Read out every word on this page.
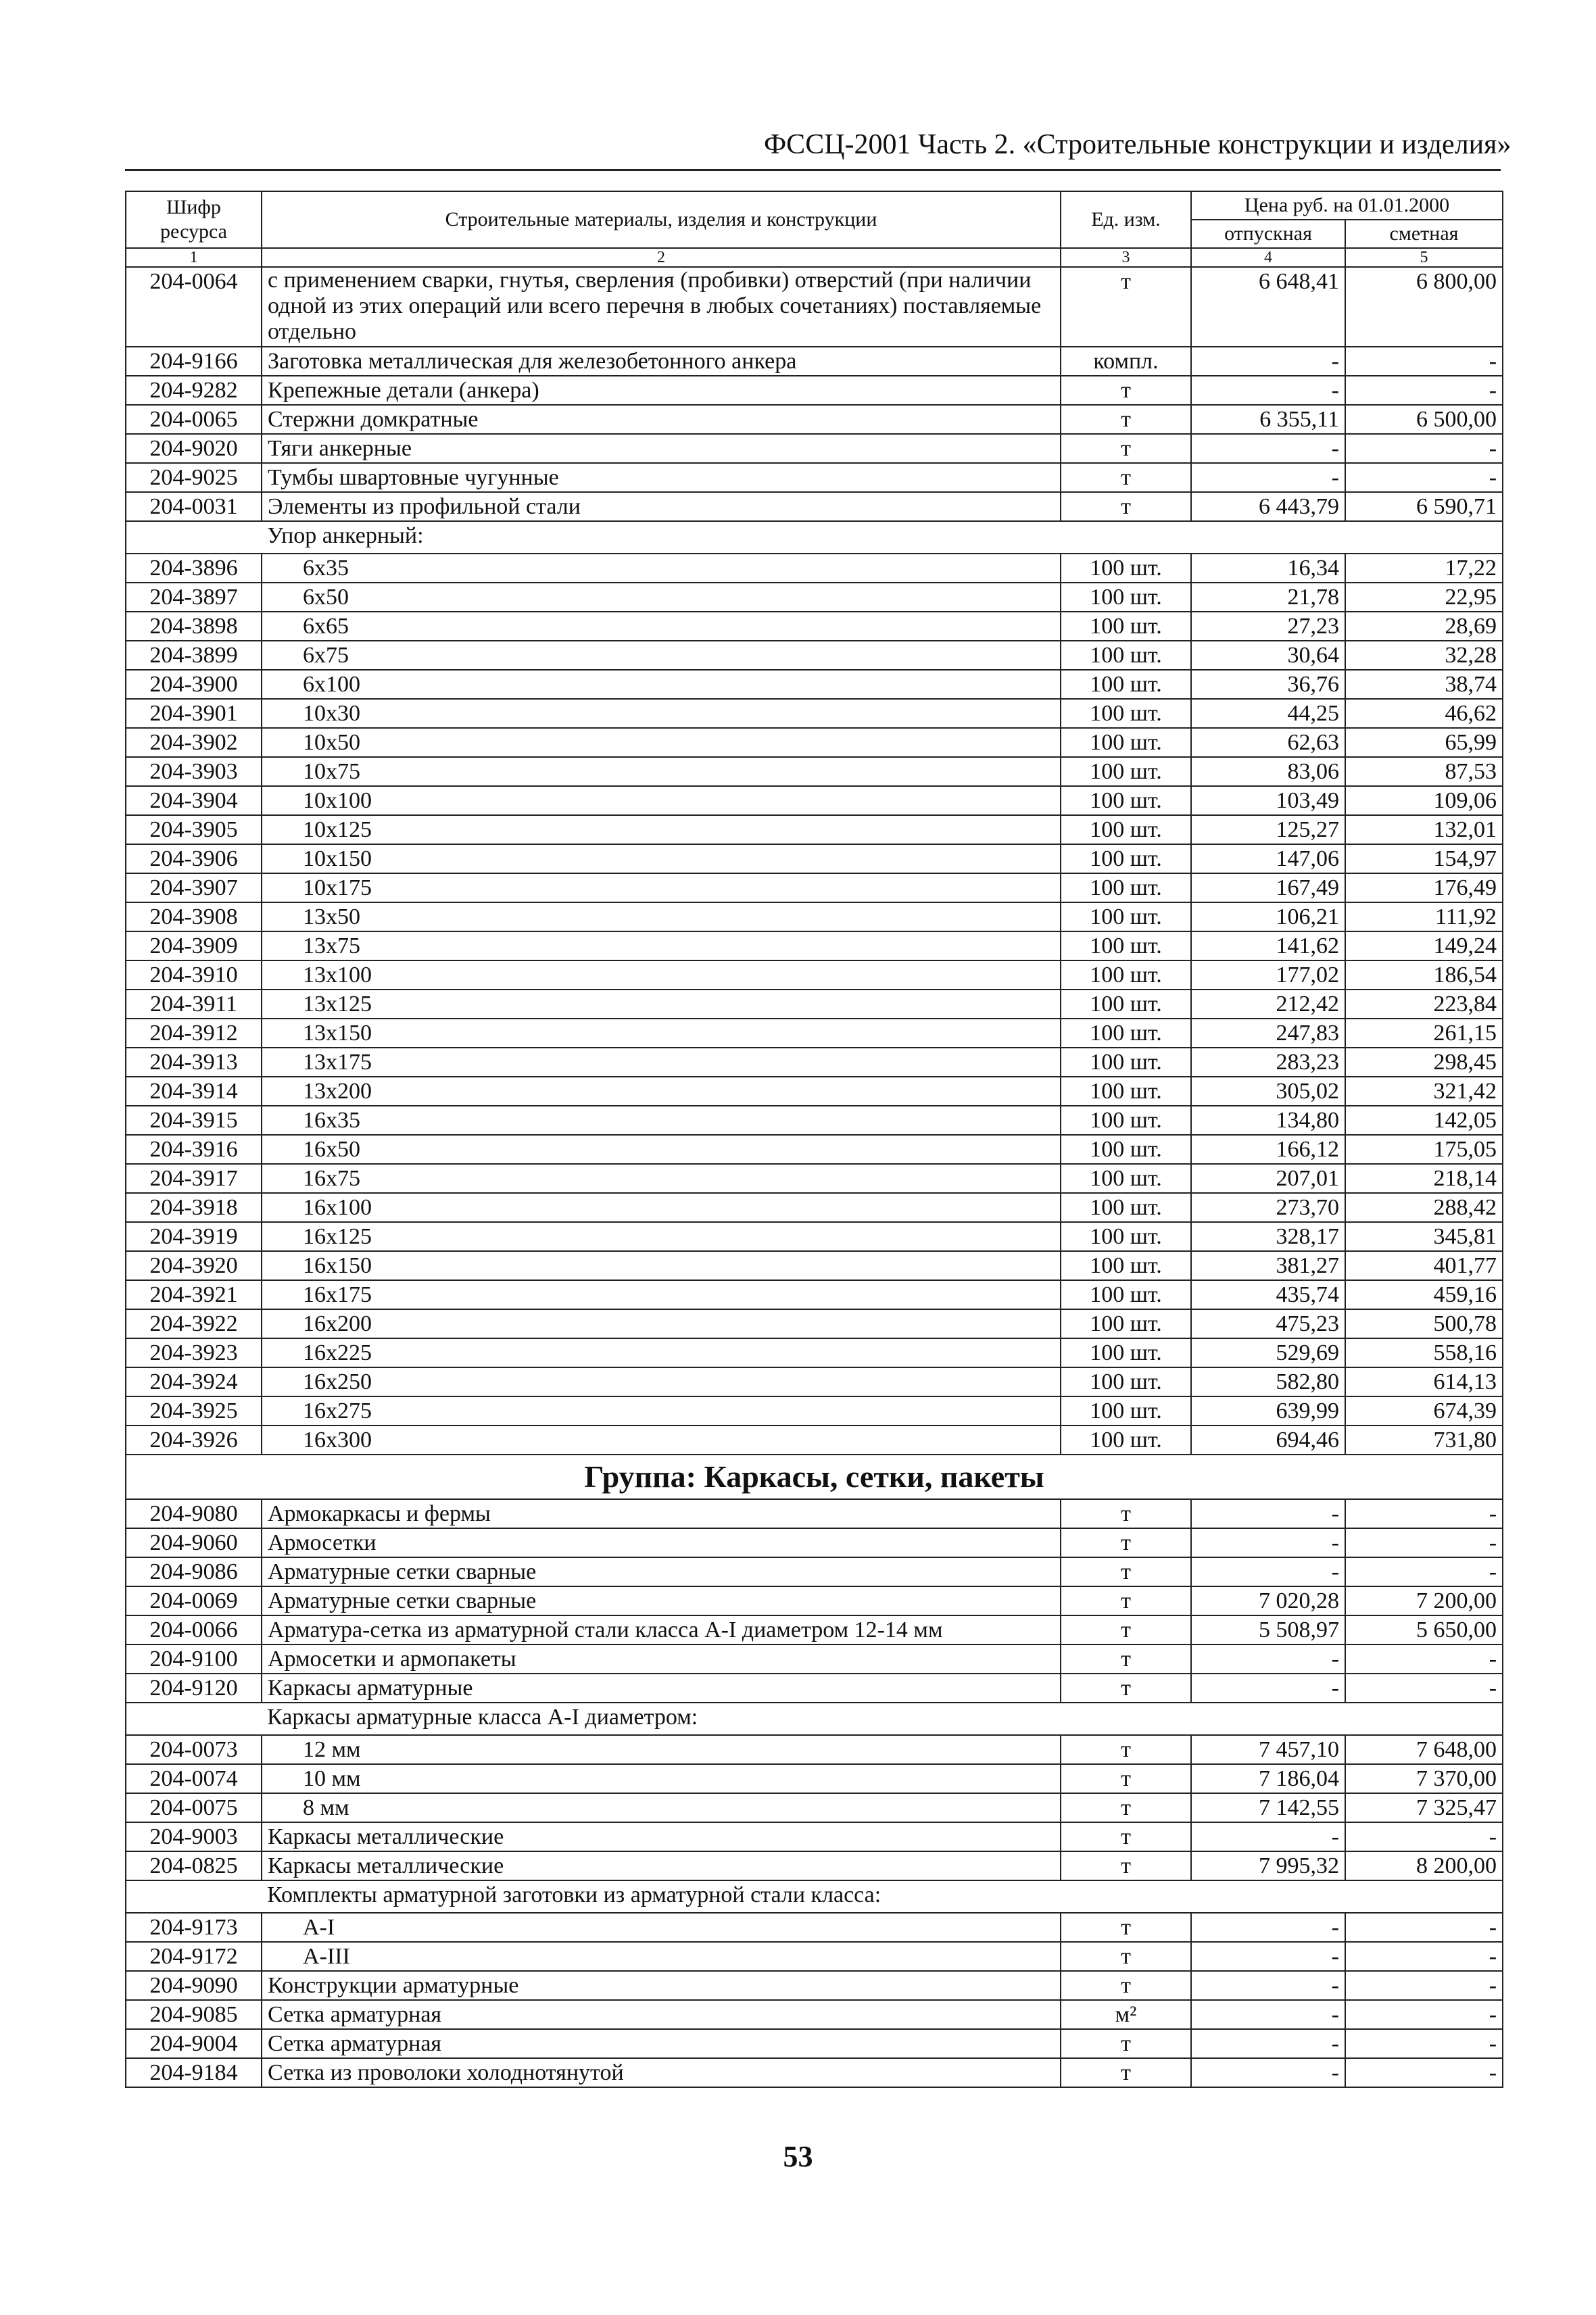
ФССЦ-2001 Часть 2. «Строительные конструкции и изделия»
Шифр ресурса	Строительные материалы, изделия и конструкции	Ед. изм.	Цена руб. на 01.01.2000	
			отпускная	сметная
1	2	3	4	5
204-0064	с применением сварки, гнутья, сверления (пробивки) отверстий (при наличии одной из этих операций или всего перечня в любых сочетаниях) поставляемые отдельно	т	6 648,41	6 800,00
204-9166	Заготовка металлическая для железобетонного анкера	компл.	-	-
204-9282	Крепежные детали (анкера)	т	-	-
204-0065	Стержни домкратные	т	6 355,11	6 500,00
204-9020	Тяги анкерные	т	-	-
204-9025	Тумбы швартовные чугунные	т	-	-
204-0031	Элементы из профильной стали	т	6 443,79	6 590,71
	Упор анкерный:			
204-3896	6x35	100 шт.	16,34	17,22
204-3897	6x50	100 шт.	21,78	22,95
204-3898	6x65	100 шт.	27,23	28,69
204-3899	6x75	100 шт.	30,64	32,28
204-3900	6x100	100 шт.	36,76	38,74
204-3901	10x30	100 шт.	44,25	46,62
204-3902	10x50	100 шт.	62,63	65,99
204-3903	10x75	100 шт.	83,06	87,53
204-3904	10x100	100 шт.	103,49	109,06
204-3905	10x125	100 шт.	125,27	132,01
204-3906	10x150	100 шт.	147,06	154,97
204-3907	10x175	100 шт.	167,49	176,49
204-3908	13x50	100 шт.	106,21	111,92
204-3909	13x75	100 шт.	141,62	149,24
204-3910	13x100	100 шт.	177,02	186,54
204-3911	13x125	100 шт.	212,42	223,84
204-3912	13x150	100 шт.	247,83	261,15
204-3913	13x175	100 шт.	283,23	298,45
204-3914	13x200	100 шт.	305,02	321,42
204-3915	16x35	100 шт.	134,80	142,05
204-3916	16x50	100 шт.	166,12	175,05
204-3917	16x75	100 шт.	207,01	218,14
204-3918	16x100	100 шт.	273,70	288,42
204-3919	16x125	100 шт.	328,17	345,81
204-3920	16x150	100 шт.	381,27	401,77
204-3921	16x175	100 шт.	435,74	459,16
204-3922	16x200	100 шт.	475,23	500,78
204-3923	16x225	100 шт.	529,69	558,16
204-3924	16x250	100 шт.	582,80	614,13
204-3925	16x275	100 шт.	639,99	674,39
204-3926	16x300	100 шт.	694,46	731,80
Группа: Каркасы, сетки, пакеты				
204-9080	Армокаркасы и фермы	т	-	-
204-9060	Армосетки	т	-	-
204-9086	Арматурные сетки сварные	т	-	-
204-0069	Арматурные сетки сварные	т	7 020,28	7 200,00
204-0066	Арматура-сетка из арматурной стали класса А-I диаметром 12-14 мм	т	5 508,97	5 650,00
204-9100	Армосетки и армопакеты	т	-	-
204-9120	Каркасы арматурные	т	-	-
	Каркасы арматурные класса А-I диаметром:			
204-0073	12 мм	т	7 457,10	7 648,00
204-0074	10 мм	т	7 186,04	7 370,00
204-0075	8 мм	т	7 142,55	7 325,47
204-9003	Каркасы металлические	т	-	-
204-0825	Каркасы металлические	т	7 995,32	8 200,00
	Комплекты арматурной заготовки из арматурной стали класса:			
204-9173	А-I	т	-	-
204-9172	А-III	т	-	-
204-9090	Конструкции арматурные	т	-	-
204-9085	Сетка арматурная	м²	-	-
204-9004	Сетка арматурная	т	-	-
204-9184	Сетка из проволоки холоднотянутой	т	-	-
53
